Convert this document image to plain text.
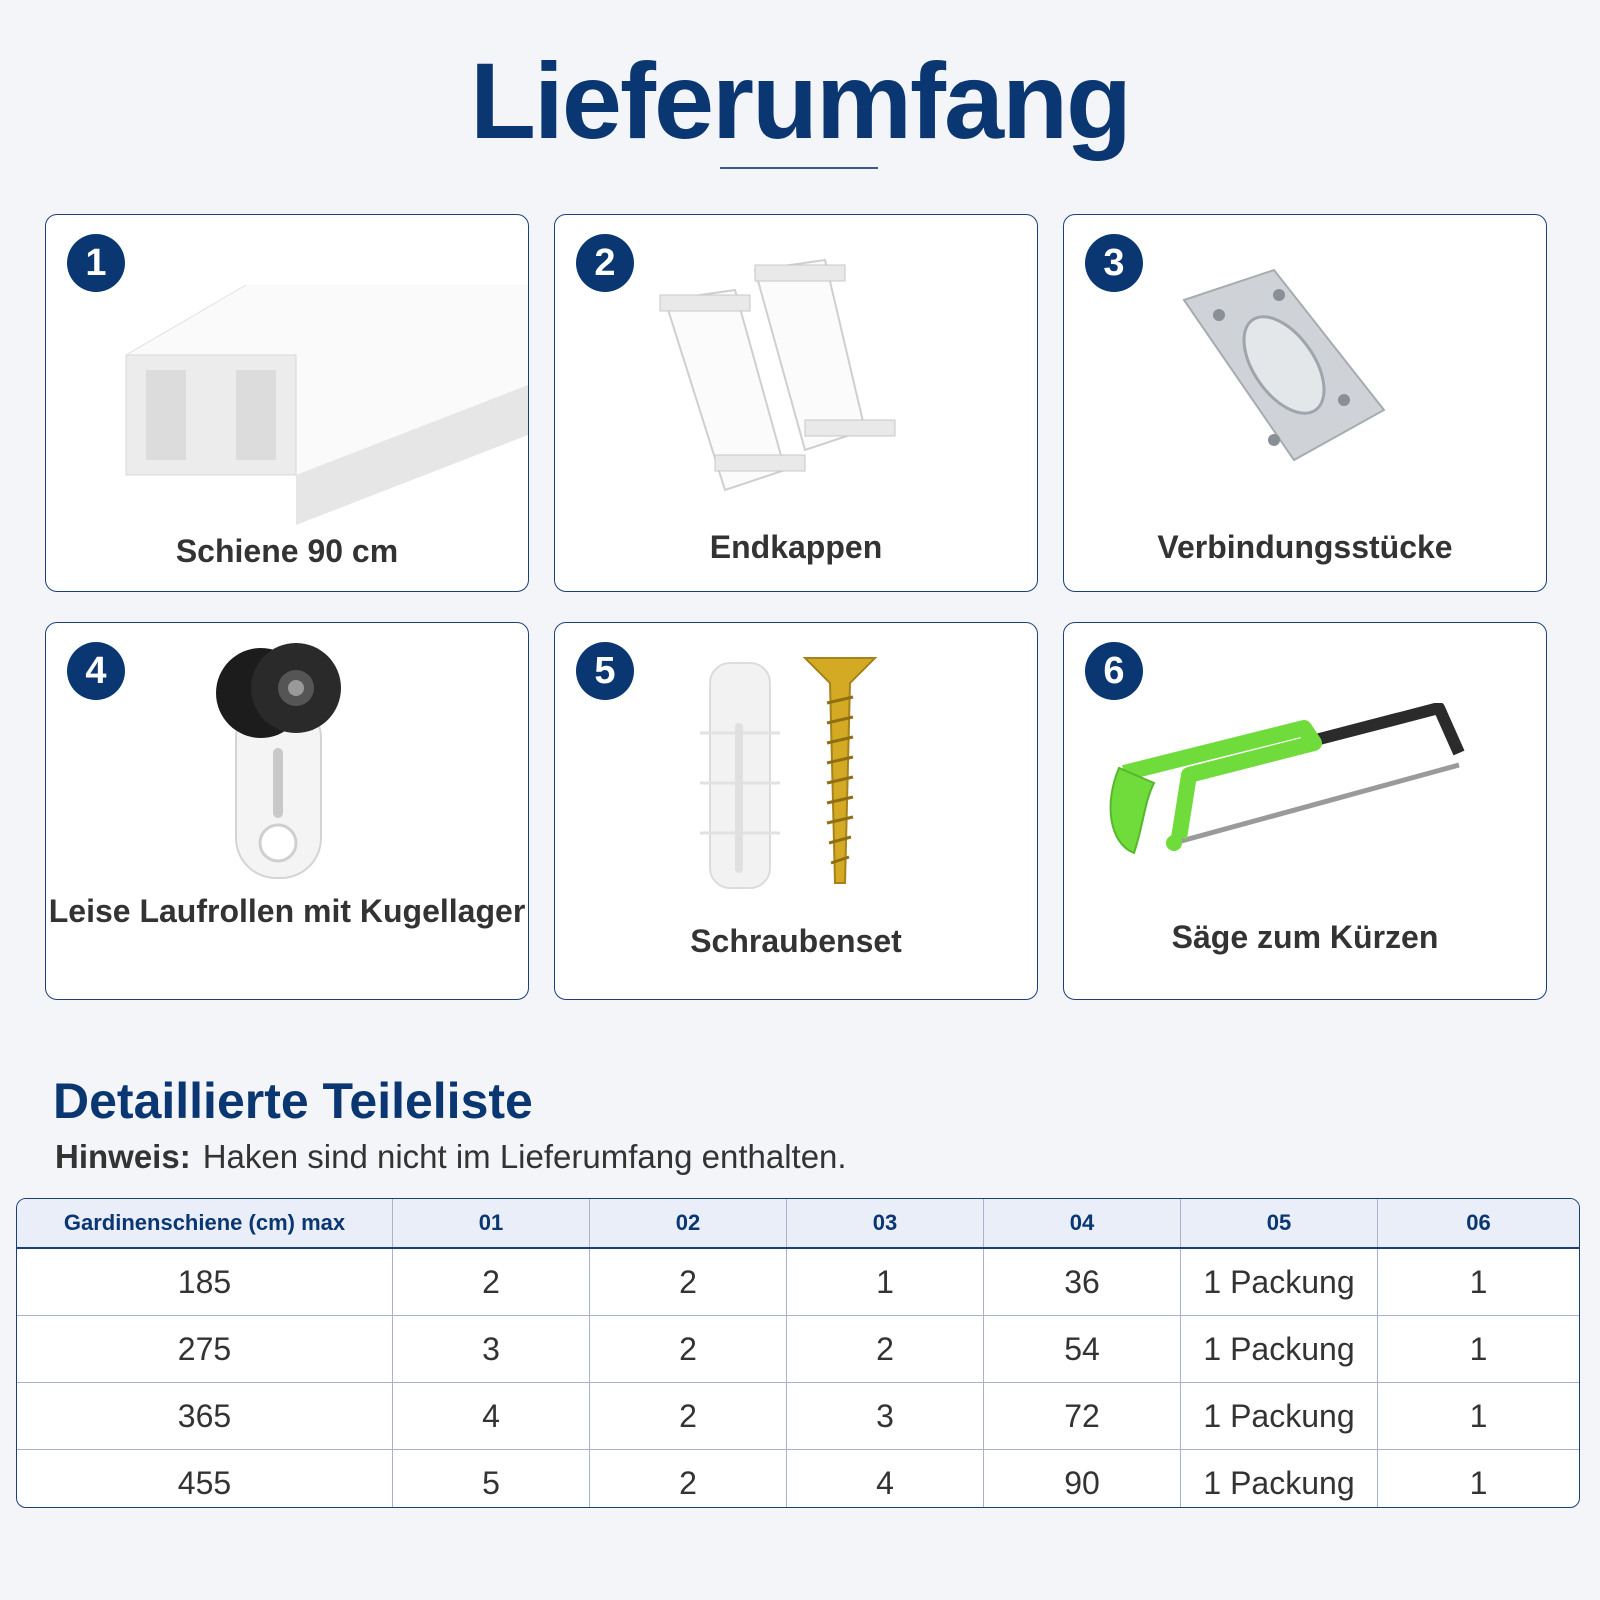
Lieferumfang
1
Schiene 90 cm
2
Endkappen
3
Verbindungsstücke
4
Leise Laufrollen mit Kugellager
5
Schraubenset
6
Säge zum Kürzen
Detaillierte Teileliste
Hinweis: Haken sind nicht im Lieferumfang enthalten.
Gardinenschiene (cm) max	01	02	03	04	05	06
185	2	2	1	36	1 Packung	1
275	3	2	2	54	1 Packung	1
365	4	2	3	72	1 Packung	1
455	5	2	4	90	1 Packung	1
